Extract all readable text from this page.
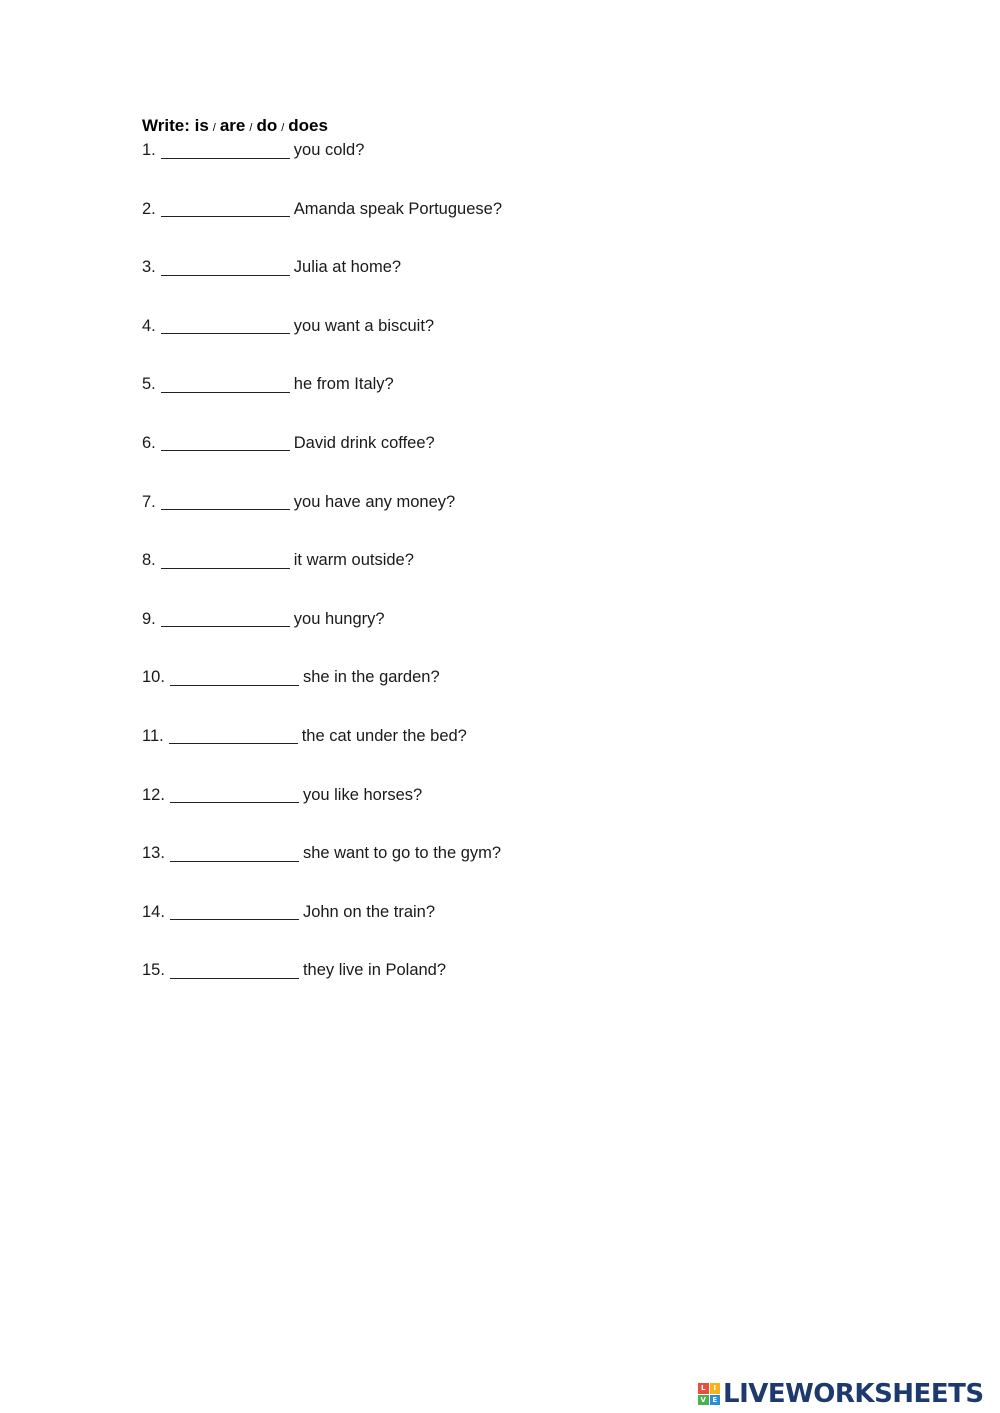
Write: is / are / do / does
1.	you cold?
2.	Amanda speak Portuguese?
3.	Julia at home?
4.	you want a biscuit?
5.	he from Italy?
6.	David drink coffee?
7.	you have any money?
8.	it warm outside?
9.	you hungry?
10.	she in the garden?
11.	the cat under the bed?
12.	you like horses?
13.	she want to go to the gym?
14.	John on the train?
15.	they live in Poland?
L	I
V E LIVEWORKSHEETS
